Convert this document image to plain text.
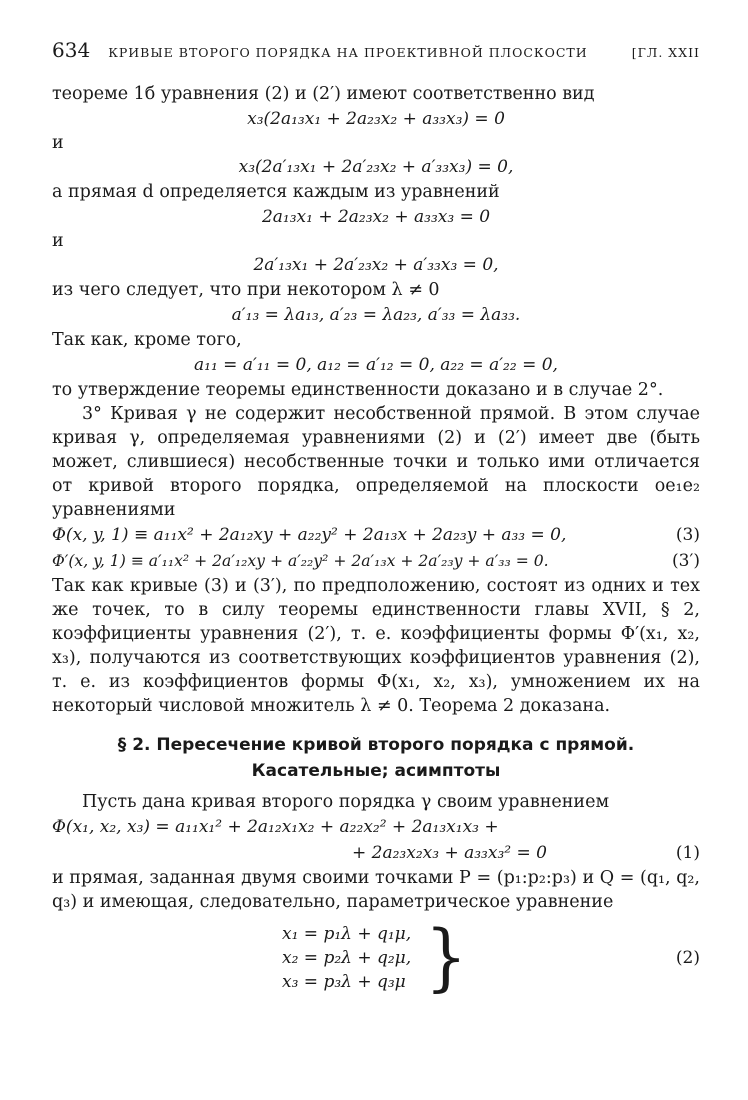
634 КРИВЫЕ ВТОРОГО ПОРЯДКА НА ПРОЕКТИВНОЙ ПЛОСКОСТИ	[ГЛ. XXII

теореме 1б уравнения (2) и (2′) имеют соответственно вид

x₃(2a₁₃x₁ + 2a₂₃x₂ + a₃₃x₃) = 0
и
x₃(2a′₁₃x₁ + 2a′₂₃x₂ + a′₃₃x₃) = 0,

а прямая d определяется каждым из уравнений

2a₁₃x₁ + 2a₂₃x₂ + a₃₃x₃ = 0
и
2a′₁₃x₁ + 2a′₂₃x₂ + a′₃₃x₃ = 0,

из чего следует, что при некотором λ ≠ 0

a′₁₃ = λa₁₃, a′₂₃ = λa₂₃, a′₃₃ = λa₃₃.

Так как, кроме того,

a₁₁ = a′₁₁ = 0, a₁₂ = a′₁₂ = 0, a₂₂ = a′₂₂ = 0,

то утверждение теоремы единственности доказано и в случае 2°.

3° Кривая γ не содержит несобственной прямой. В этом случае кривая γ, определяемая уравнениями (2) и (2′) имеет две (быть может, слившиеся) несобственные точки и только ими отличается от кривой второго порядка, определяемой на плоскости oe₁e₂ уравнениями

Φ(x, y, 1) ≡ a₁₁x² + 2a₁₂xy + a₂₂y² + 2a₁₃x + 2a₂₃y + a₃₃ = 0,	(3)
Φ′(x, y, 1) ≡ a′₁₁x² + 2a′₁₂xy + a′₂₂y² + 2a′₁₃x + 2a′₂₃y + a′₃₃ = 0.	(3′)

Так как кривые (3) и (3′), по предположению, состоят из одних и тех же точек, то в силу теоремы единственности главы XVII, § 2, коэффициенты уравнения (2′), т. е. коэффициенты формы Φ′(x₁, x₂, x₃), получаются из соответствующих коэффициентов уравнения (2), т. е. из коэффициентов формы Φ(x₁, x₂, x₃), умножением их на некоторый числовой множитель λ ≠ 0. Теорема 2 доказана.

§ 2. Пересечение кривой второго порядка с прямой.
Касательные; асимптоты

Пусть дана кривая второго порядка γ своим уравнением

Φ(x₁, x₂, x₃) = a₁₁x₁² + 2a₁₂x₁x₂ + a₂₂x₂² + 2a₁₃x₁x₃ +
+ 2a₂₃x₂x₃ + a₃₃x₃² = 0	(1)

и прямая, заданная двумя своими точками P = (p₁:p₂:p₃) и Q = (q₁, q₂, q₃) и имеющая, следовательно, параметрическое уравнение

x₁ = p₁λ + q₁μ,
x₂ = p₂λ + q₂μ,
x₃ = p₃λ + q₃μ }	(2)
